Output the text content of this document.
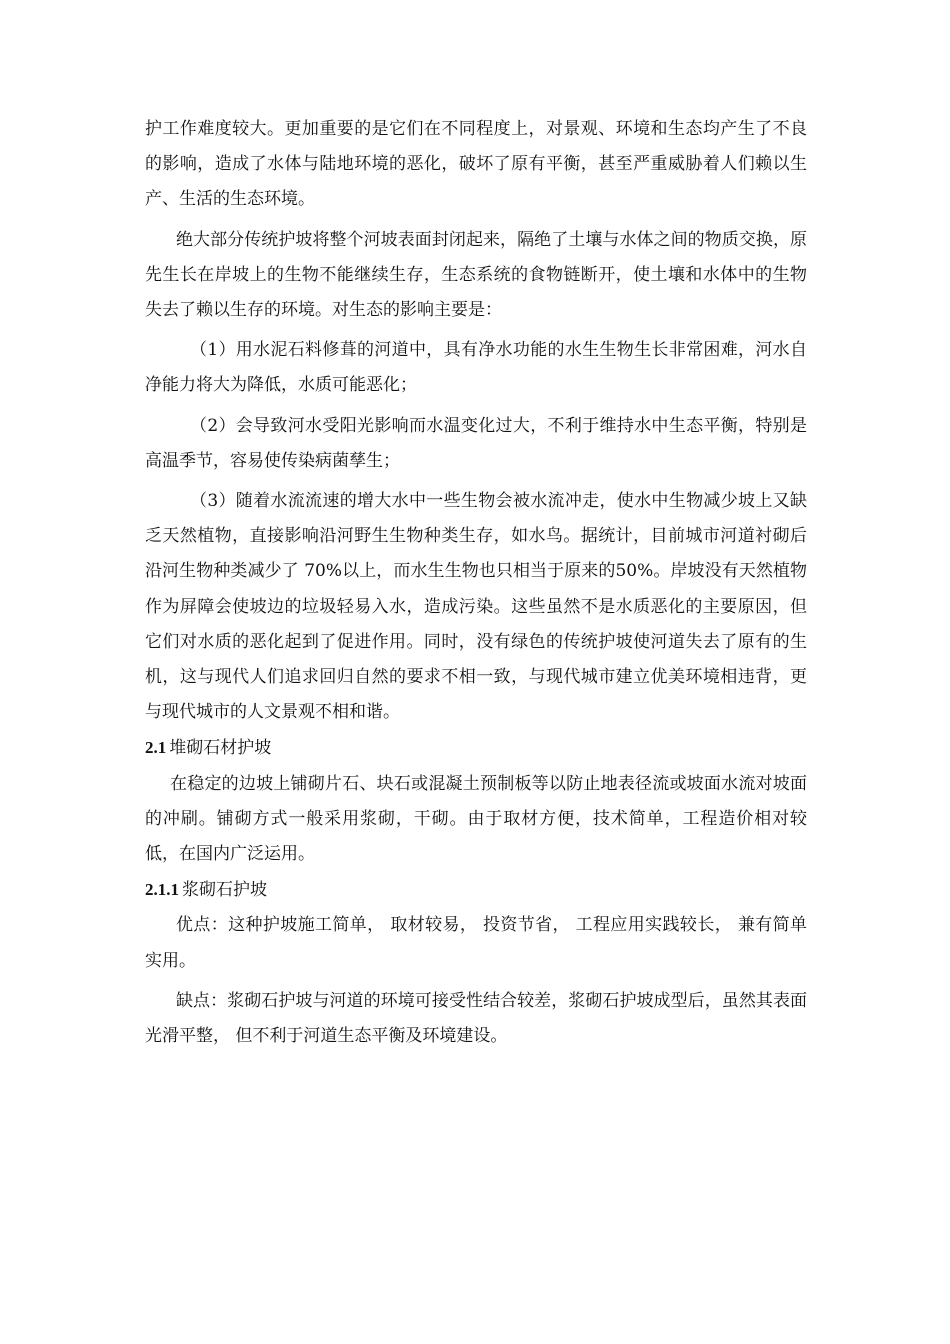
护工作难度较大。更加重要的是它们在不同程度上，对景观、环境和生态均产生了不良的影响，造成了水体与陆地环境的恶化，破坏了原有平衡，甚至严重威胁着人们赖以生产、生活的生态环境。

绝大部分传统护坡将整个河坡表面封闭起来，隔绝了土壤与水体之间的物质交换，原先生长在岸坡上的生物不能继续生存，生态系统的食物链断开，使土壤和水体中的生物失去了赖以生存的环境。对生态的影响主要是：

（1）用水泥石料修葺的河道中，具有净水功能的水生生物生长非常困难，河水自净能力将大为降低，水质可能恶化；

（2）会导致河水受阳光影响而水温变化过大，不利于维持水中生态平衡，特别是高温季节，容易使传染病菌孳生；

（3）随着水流流速的增大水中一些生物会被水流冲走，使水中生物减少坡上又缺乏天然植物，直接影响沿河野生生物种类生存，如水鸟。据统计，目前城市河道衬砌后沿河生物种类减少了 70%以上，而水生生物也只相当于原来的50%。岸坡没有天然植物作为屏障会使坡边的垃圾轻易入水，造成污染。这些虽然不是水质恶化的主要原因，但它们对水质的恶化起到了促进作用。同时，没有绿色的传统护坡使河道失去了原有的生机，这与现代人们追求回归自然的要求不相一致，与现代城市建立优美环境相违背，更与现代城市的人文景观不相和谐。

2.1 堆砌石材护坡

在稳定的边坡上铺砌片石、块石或混凝土预制板等以防止地表径流或坡面水流对坡面的冲刷。铺砌方式一般采用浆砌，干砌。由于取材方便，技术简单，工程造价相对较低，在国内广泛运用。

2.1.1 浆砌石护坡

优点：这种护坡施工简单， 取材较易， 投资节省， 工程应用实践较长， 兼有简单实用。

缺点：浆砌石护坡与河道的环境可接受性结合较差，浆砌石护坡成型后，虽然其表面光滑平整， 但不利于河道生态平衡及环境建设。
